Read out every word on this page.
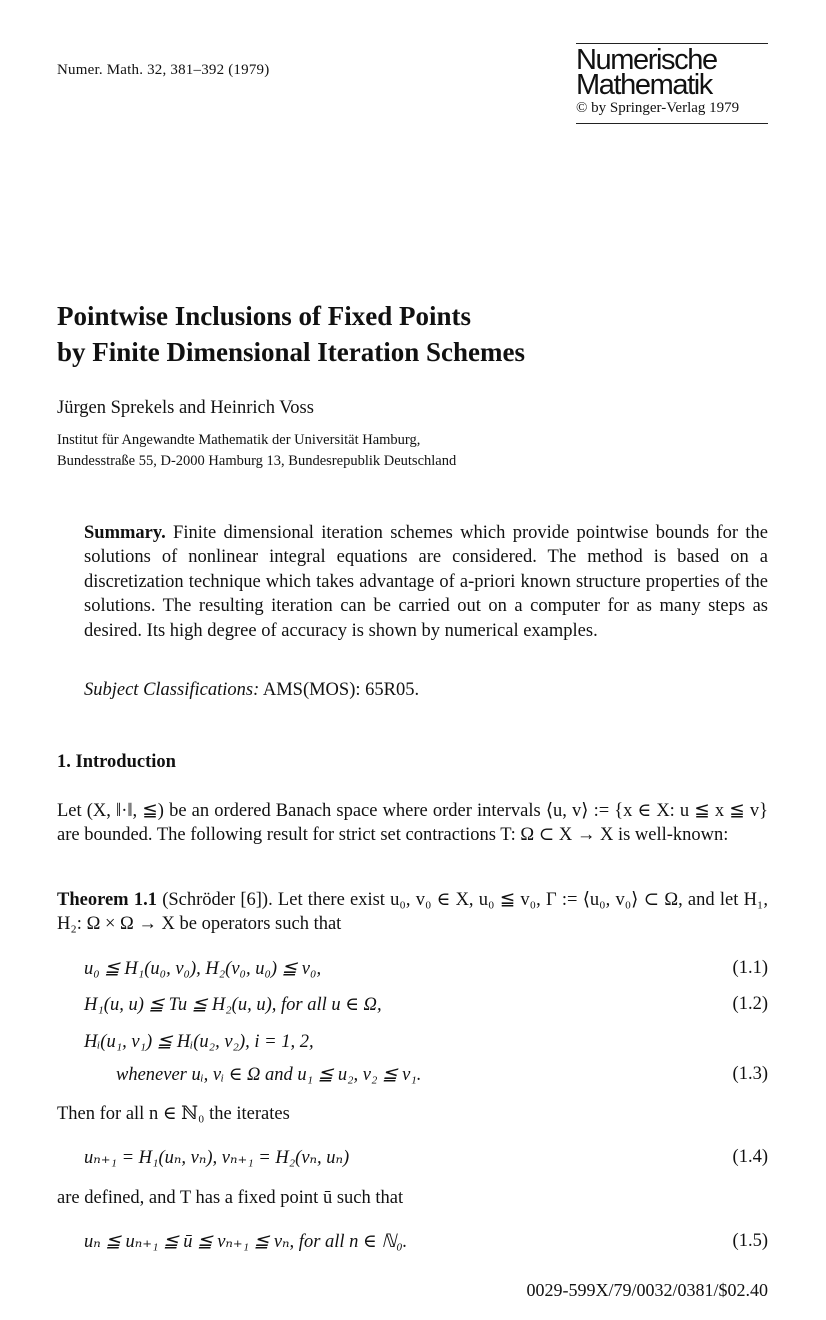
Numer. Math. 32, 381–392 (1979)	Numerische
Mathematik
© by Springer-Verlag 1979
Pointwise Inclusions of Fixed Points
by Finite Dimensional Iteration Schemes
Jürgen Sprekels and Heinrich Voss
Institut für Angewandte Mathematik der Universität Hamburg,
Bundesstraße 55, D-2000 Hamburg 13, Bundesrepublik Deutschland
Summary. Finite dimensional iteration schemes which provide pointwise bounds for the solutions of nonlinear integral equations are considered. The method is based on a discretization technique which takes advantage of a-priori known structure properties of the solutions. The resulting iteration can be carried out on a computer for as many steps as desired. Its high degree of accuracy is shown by numerical examples.
Subject Classifications: AMS(MOS): 65R05.
1. Introduction
Let (X, ‖·‖, ≦) be an ordered Banach space where order intervals ⟨u, v⟩ := {x ∈ X: u ≦ x ≦ v} are bounded. The following result for strict set contractions T: Ω ⊂ X → X is well-known:
Theorem 1.1 (Schröder [6]). Let there exist u₀, v₀ ∈ X, u₀ ≦ v₀, Γ := ⟨u₀, v₀⟩ ⊂ Ω, and let H₁, H₂: Ω × Ω → X be operators such that
u₀ ≦ H₁(u₀, v₀), H₂(v₀, u₀) ≦ v₀,	(1.1)
H₁(u, u) ≦ Tu ≦ H₂(u, u), for all u ∈ Ω,	(1.2)
Hᵢ(u₁, v₁) ≦ Hᵢ(u₂, v₂), i = 1, 2,
whenever uᵢ, vᵢ ∈ Ω and u₁ ≦ u₂, v₂ ≦ v₁.	(1.3)
Then for all n ∈ ℕ₀ the iterates
uₙ₊₁ = H₁(uₙ, vₙ), vₙ₊₁ = H₂(vₙ, uₙ)	(1.4)
are defined, and T has a fixed point ū such that
uₙ ≦ uₙ₊₁ ≦ ū ≦ vₙ₊₁ ≦ vₙ, for all n ∈ ℕ₀.	(1.5)
0029-599X/79/0032/0381/$02.40
